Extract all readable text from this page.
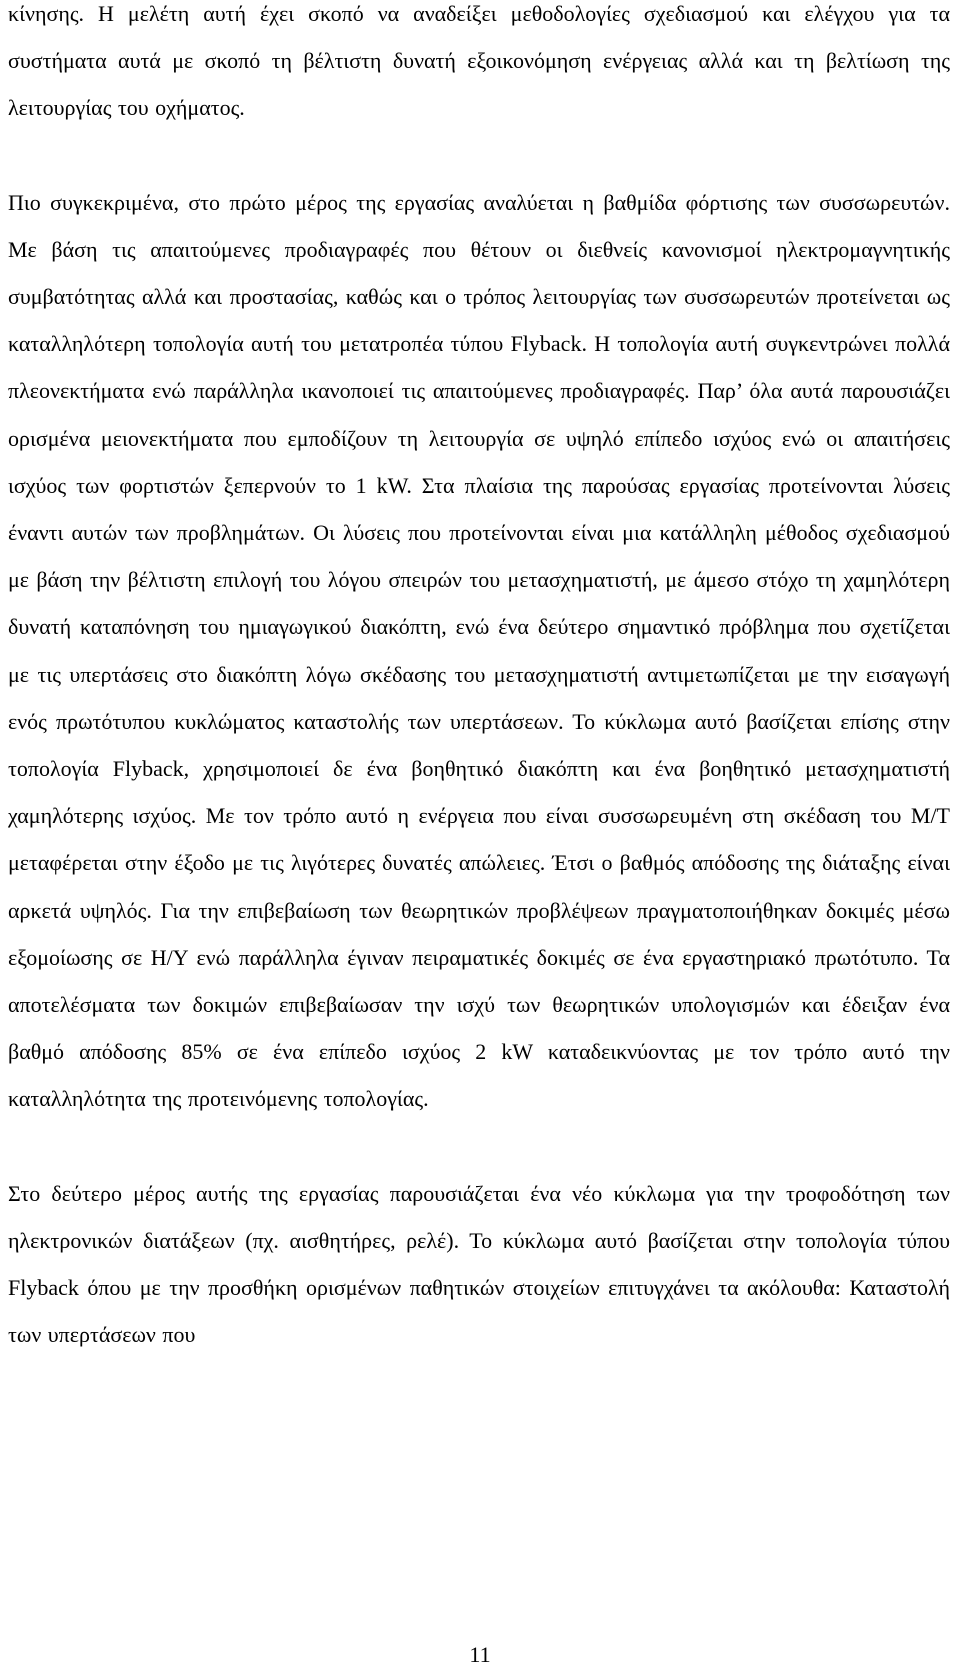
κίνησης. Η μελέτη αυτή έχει σκοπό να αναδείξει μεθοδολογίες σχεδιασμού και ελέγχου για τα συστήματα αυτά με σκοπό τη βέλτιστη δυνατή εξοικονόμηση ενέργειας αλλά και τη βελτίωση της λειτουργίας του οχήματος.

Πιο συγκεκριμένα, στο πρώτο μέρος της εργασίας αναλύεται η βαθμίδα φόρτισης των συσσωρευτών. Με βάση τις απαιτούμενες προδιαγραφές που θέτουν οι διεθνείς κανονισμοί ηλεκτρομαγνητικής συμβατότητας αλλά και προστασίας, καθώς και ο τρόπος λειτουργίας των συσσωρευτών προτείνεται ως καταλληλότερη τοπολογία αυτή του μετατροπέα τύπου Flyback. Η τοπολογία αυτή συγκεντρώνει πολλά πλεονεκτήματα ενώ παράλληλα ικανοποιεί τις απαιτούμενες προδιαγραφές. Παρ’ όλα αυτά παρουσιάζει ορισμένα μειονεκτήματα που εμποδίζουν τη λειτουργία σε υψηλό επίπεδο ισχύος ενώ οι απαιτήσεις ισχύος των φορτιστών ξεπερνούν το 1 kW. Στα πλαίσια της παρούσας εργασίας προτείνονται λύσεις έναντι αυτών των προβλημάτων. Οι λύσεις που προτείνονται είναι μια κατάλληλη μέθοδος σχεδιασμού με βάση την βέλτιστη επιλογή του λόγου σπειρών του μετασχηματιστή, με άμεσο στόχο τη χαμηλότερη δυνατή καταπόνηση του ημιαγωγικού διακόπτη, ενώ ένα δεύτερο σημαντικό πρόβλημα που σχετίζεται με τις υπερτάσεις στο διακόπτη λόγω σκέδασης του μετασχηματιστή αντιμετωπίζεται με την εισαγωγή ενός πρωτότυπου κυκλώματος καταστολής των υπερτάσεων. Το κύκλωμα αυτό βασίζεται επίσης στην τοπολογία Flyback, χρησιμοποιεί δε ένα βοηθητικό διακόπτη και ένα βοηθητικό μετασχηματιστή χαμηλότερης ισχύος. Με τον τρόπο αυτό η ενέργεια που είναι συσσωρευμένη στη σκέδαση του Μ/Τ μεταφέρεται στην έξοδο με τις λιγότερες δυνατές απώλειες. Έτσι ο βαθμός απόδοσης της διάταξης είναι αρκετά υψηλός. Για την επιβεβαίωση των θεωρητικών προβλέψεων πραγματοποιήθηκαν δοκιμές μέσω εξομοίωσης σε Η/Υ ενώ παράλληλα έγιναν πειραματικές δοκιμές σε ένα εργαστηριακό πρωτότυπο. Τα αποτελέσματα των δοκιμών επιβεβαίωσαν την ισχύ των θεωρητικών υπολογισμών και έδειξαν ένα βαθμό απόδοσης 85% σε ένα επίπεδο ισχύος 2 kW καταδεικνύοντας με τον τρόπο αυτό την καταλληλότητα της προτεινόμενης τοπολογίας.

Στο δεύτερο μέρος αυτής της εργασίας παρουσιάζεται ένα νέο κύκλωμα για την τροφοδότηση των ηλεκτρονικών διατάξεων (πχ. αισθητήρες, ρελέ). Το κύκλωμα αυτό βασίζεται στην τοπολογία τύπου Flyback όπου με την προσθήκη ορισμένων παθητικών στοιχείων επιτυγχάνει τα ακόλουθα: Καταστολή των υπερτάσεων που

11
